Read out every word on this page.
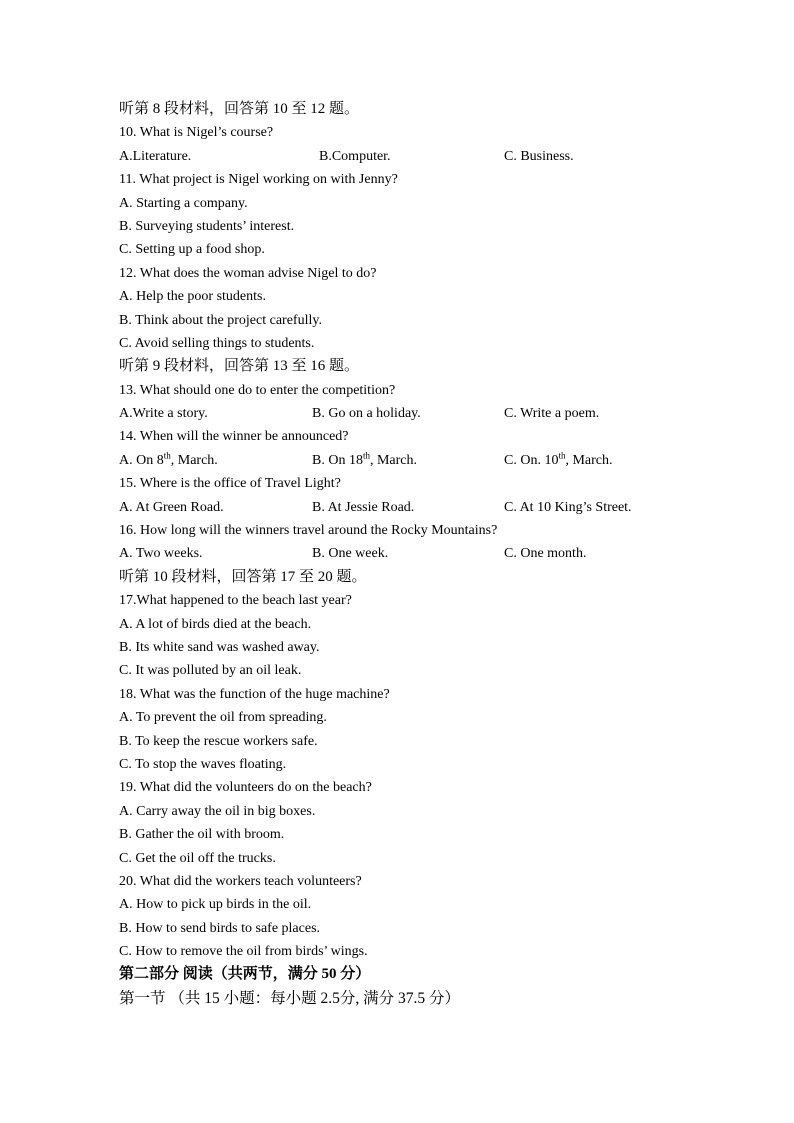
听第 8 段材料，回答第 10 至 12 题。
10. What is Nigel’s course?
A.Literature.	B.Computer.	C. Business.
11. What project is Nigel working on with Jenny?
A. Starting a company.
B. Surveying students’ interest.
C. Setting up a food shop.
12. What does the woman advise Nigel to do?
A. Help the poor students.
B. Think about the project carefully.
C. Avoid selling things to students.
听第 9 段材料，回答第 13 至 16 题。
13. What should one do to enter the competition?
A.Write a story.	B. Go on a holiday.	C. Write a poem.
14. When will the winner be announced?
A. On 8th, March.	B. On 18th, March.	C. On. 10th, March.
15. Where is the office of Travel Light?
A. At Green Road.	B. At Jessie Road.	C. At 10 King’s Street.
16. How long will the winners travel around the Rocky Mountains?
A. Two weeks.	B. One week.	C. One month.
听第 10 段材料，回答第 17 至 20 题。
17.What happened to the beach last year?
A. A lot of birds died at the beach.
B. Its white sand was washed away.
C. It was polluted by an oil leak.
18. What was the function of the huge machine?
A. To prevent the oil from spreading.
B. To keep the rescue workers safe.
C. To stop the waves floating.
19. What did the volunteers do on the beach?
A. Carry away the oil in big boxes.
B. Gather the oil with broom.
C. Get the oil off the trucks.
20. What did the workers teach volunteers?
A. How to pick up birds in the oil.
B. How to send birds to safe places.
C. How to remove the oil from birds’ wings.
第二部分 阅读（共两节，满分 50 分）
第一节 （共 15 小题：每小题 2.5分, 满分 37.5 分）
